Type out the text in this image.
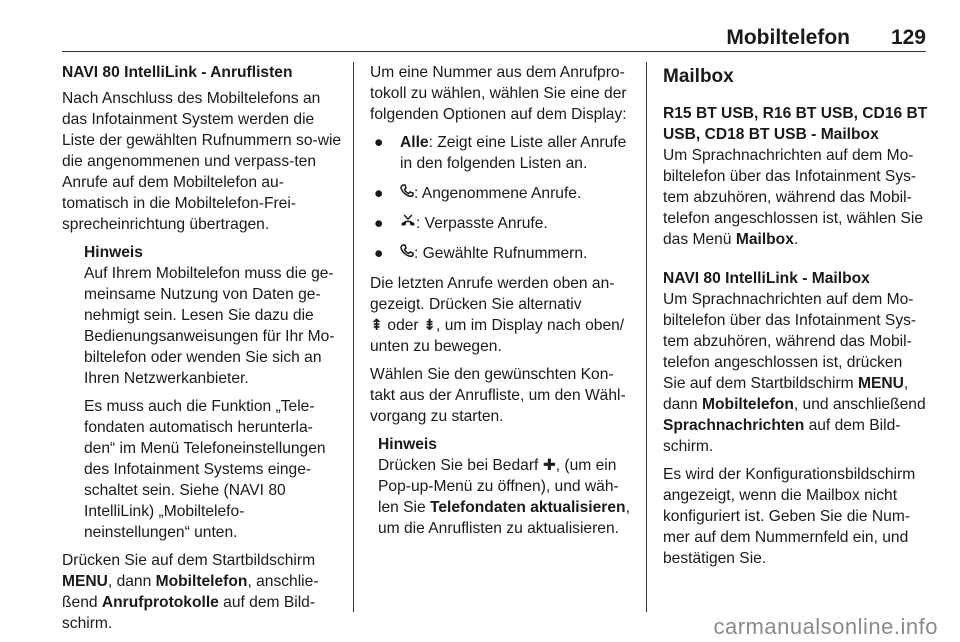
Mobiltelefon 129

NAVI 80 IntelliLink - Anruflisten

Nach Anschluss des Mobiltelefons an das Infotainment System werden die Liste der gewählten Rufnummern so-wie die angenommenen und verpass-ten Anrufe auf dem Mobiltelefon au-tomatisch in die Mobiltelefon-Frei-sprecheinrichtung übertragen.

Hinweis

Auf Ihrem Mobiltelefon muss die ge-meinsame Nutzung von Daten ge-nehmigt sein. Lesen Sie dazu die Bedienungsanweisungen für Ihr Mo-biltelefon oder wenden Sie sich an Ihren Netzwerkanbieter.

Es muss auch die Funktion „Tele-fondaten automatisch herunterla-den“ im Menü Telefoneinstellungen des Infotainment Systems einge-schaltet sein. Siehe (NAVI 80 IntelliLink) „Mobiltelefo-neinstellungen“ unten.

Drücken Sie auf dem Startbildschirm MENU, dann Mobiltelefon, anschlie-ßend Anrufprotokolle auf dem Bild-schirm.

Um eine Nummer aus dem Anrufpro-tokoll zu wählen, wählen Sie eine der folgenden Optionen auf dem Display:

● Alle: Zeigt eine Liste aller Anrufe in den folgenden Listen an.
● : Angenommene Anrufe.
● : Verpasste Anrufe.
● : Gewählte Rufnummern.

Die letzten Anrufe werden oben an-gezeigt. Drücken Sie alternativ
⇞ oder ⇟, um im Display nach oben/ unten zu bewegen.

Wählen Sie den gewünschten Kon-takt aus der Anrufliste, um den Wähl-vorgang zu starten.

Hinweis

Drücken Sie bei Bedarf ✚, (um ein Pop-up-Menü zu öffnen), und wäh-len Sie Telefondaten aktualisieren, um die Anruflisten zu aktualisieren.

Mailbox

R15 BT USB, R16 BT USB, CD16 BT USB, CD18 BT USB - Mailbox

Um Sprachnachrichten auf dem Mo-biltelefon über das Infotainment Sys-tem abzuhören, während das Mobil-telefon angeschlossen ist, wählen Sie das Menü Mailbox.

NAVI 80 IntelliLink - Mailbox

Um Sprachnachrichten auf dem Mo-biltelefon über das Infotainment Sys-tem abzuhören, während das Mobil-telefon angeschlossen ist, drücken Sie auf dem Startbildschirm MENU, dann Mobiltelefon, und anschließend Sprachnachrichten auf dem Bild-schirm.

Es wird der Konfigurationsbildschirm angezeigt, wenn die Mailbox nicht konfiguriert ist. Geben Sie die Num-mer auf dem Nummernfeld ein, und bestätigen Sie.

carmanualsonline.info
